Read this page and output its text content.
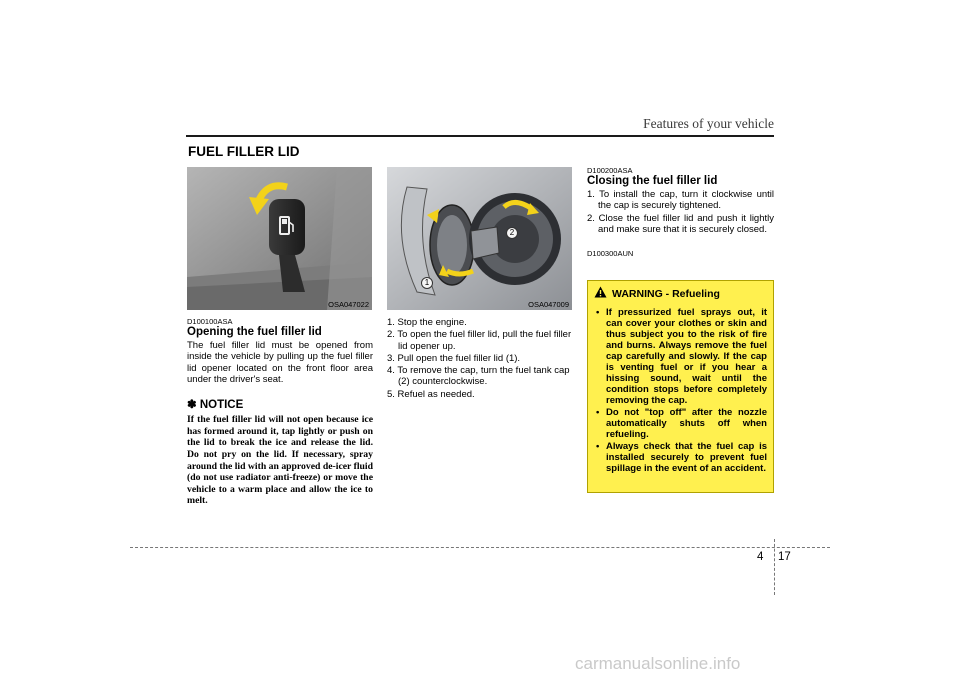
Features of your vehicle
FUEL FILLER LID
OSA047022
1
2
OSA047009
D100100ASA
Opening the fuel filler lid
The fuel filler lid must be opened from inside the vehicle by pulling up the fuel filler lid opener located on the front floor area under the driver's seat.
✽ NOTICE
If the fuel filler lid will not open because ice has formed around it, tap lightly or push on the lid to break the ice and release the lid. Do not pry on the lid. If necessary, spray around the lid with an approved de-icer fluid (do not use radiator anti-freeze) or move the vehicle to a warm place and allow the ice to melt.
1. Stop the engine.
2. To open the fuel filler lid, pull the fuel filler lid opener up.
3. Pull open the fuel filler lid (1).
4. To remove the cap, turn the fuel tank cap (2) counterclockwise.
5. Refuel as needed.
D100200ASA
Closing the fuel filler lid
1. To install the cap, turn it clockwise until the cap is securely tightened.
2. Close the fuel filler lid and push it lightly and make sure that it is securely closed.
D100300AUN
WARNING - Refueling
• If pressurized fuel sprays out, it can cover your clothes or skin and thus subject you to the risk of fire and burns. Always remove the fuel cap carefully and slowly. If the cap is venting fuel or if you hear a hissing sound, wait until the condition stops before completely removing the cap.
• Do not "top off" after the nozzle automatically shuts off when refueling.
• Always check that the fuel cap is installed securely to prevent fuel spillage in the event of an accident.
4 17
carmanualsonline.info
